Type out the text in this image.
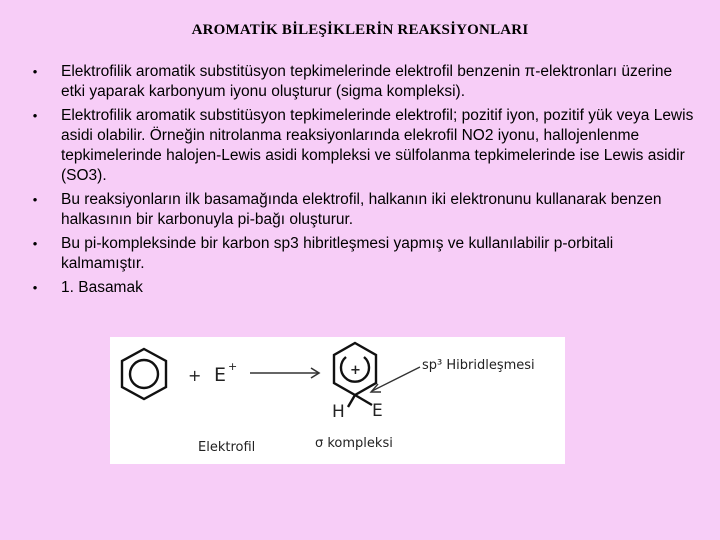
AROMATİK BİLEŞİKLERİN REAKSİYONLARI
•	Elektrofilik aromatik substitüsyon tepkimelerinde elektrofil benzenin π-elektronları üzerine etki yaparak karbonyum iyonu oluşturur (sigma kompleksi).
•	Elektrofilik aromatik substitüsyon tepkimelerinde elektrofil; pozitif iyon, pozitif yük veya Lewis asidi olabilir. Örneğin nitrolanma reaksiyonlarında elekrofil NO2 iyonu, hallojenlenme tepkimelerinde halojen-Lewis asidi kompleksi ve sülfolanma tepkimelerinde ise Lewis asidir (SO3).
•	Bu reaksiyonların ilk basamağında elektrofil, halkanın iki elektronunu kullanarak benzen halkasının bir karbonuyla pi-bağı oluşturur.
•	Bu pi-kompleksinde bir karbon sp3 hibritleşmesi yapmış ve kullanılabilir p-orbitali kalmamıştır.
•	1. Basamak
+ E +	+	sp³ Hibridleşmesi
H E
Elektrofil	σ kompleksi
